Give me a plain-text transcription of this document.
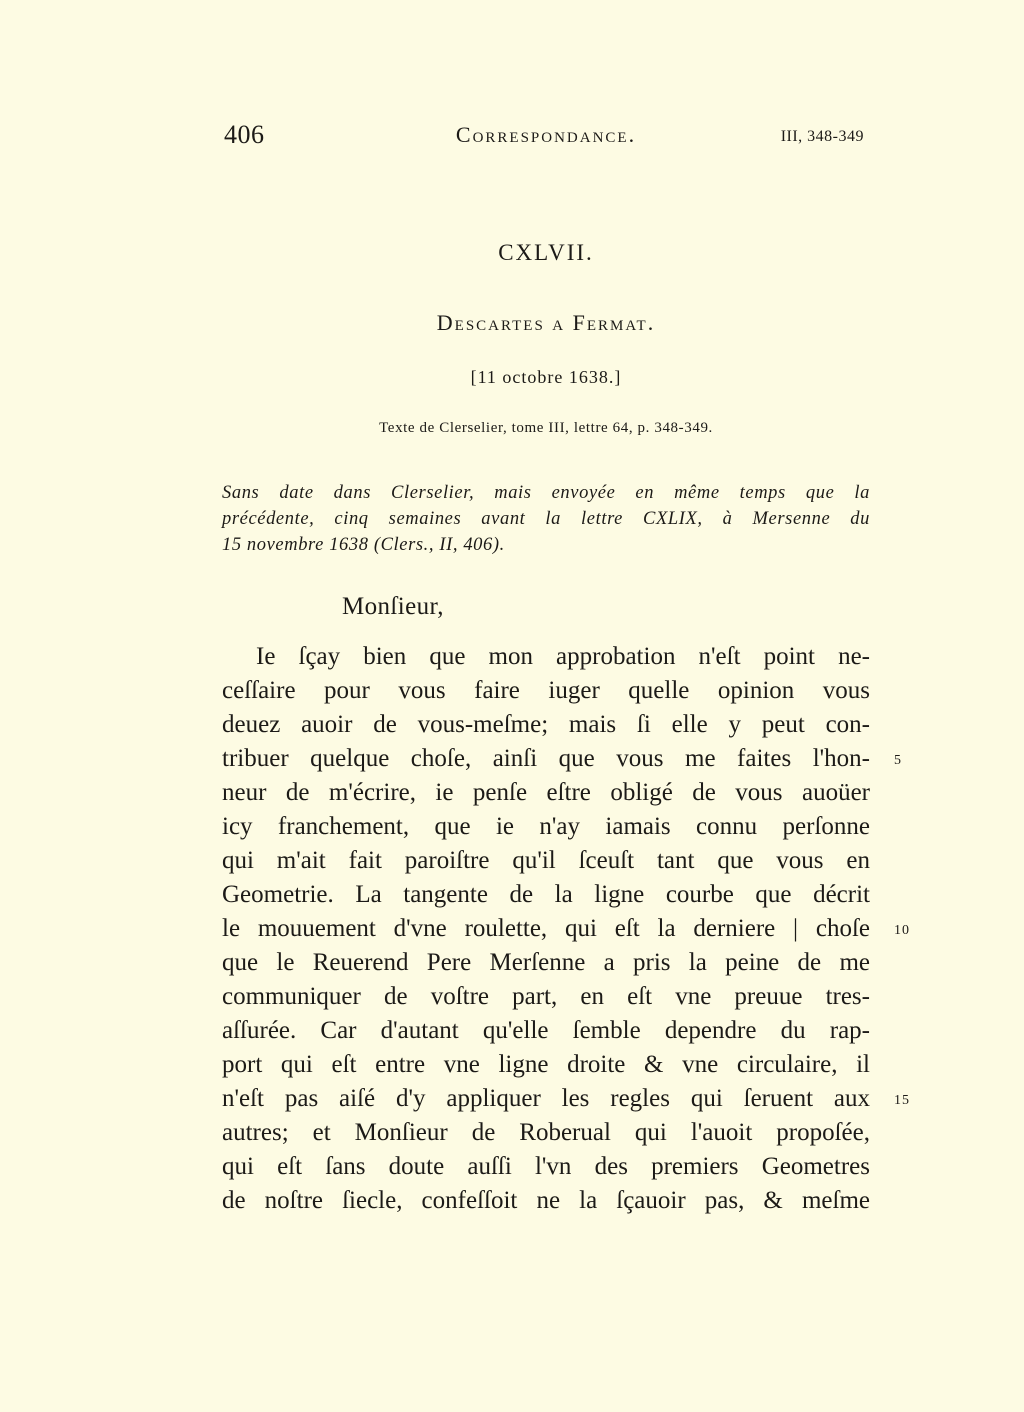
406	Correspondance.	III, 348-349
CXLVII.
Descartes a Fermat.
[11 octobre 1638.]
Texte de Clerselier, tome III, lettre 64, p. 348-349.
Sans date dans Clerselier, mais envoyée en même temps que la
précédente, cinq semaines avant la lettre CXLIX, à Mersenne du
15 novembre 1638 (Clers., II, 406).
Monſieur,
Ie ſçay bien que mon approbation n'eſt point ne-
ceſſaire pour vous faire iuger quelle opinion vous
deuez auoir de vous-meſme; mais ſi elle y peut con-
tribuer quelque choſe, ainſi que vous me faites l'hon- 5
neur de m'écrire, ie penſe eſtre obligé de vous auoüer
icy franchement, que ie n'ay iamais connu perſonne
qui m'ait fait paroiſtre qu'il ſceuſt tant que vous en
Geometrie. La tangente de la ligne courbe que décrit
le mouuement d'vne roulette, qui eſt la derniere | choſe 10
que le Reuerend Pere Merſenne a pris la peine de me
communiquer de voſtre part, en eſt vne preuue tres-
aſſurée. Car d'autant qu'elle ſemble dependre du rap-
port qui eſt entre vne ligne droite & vne circulaire, il
n'eſt pas aiſé d'y appliquer les regles qui ſeruent aux 15
autres; et Monſieur de Roberual qui l'auoit propoſée,
qui eſt ſans doute auſſi l'vn des premiers Geometres
de noſtre ſiecle, confeſſoit ne la ſçauoir pas, & meſme
